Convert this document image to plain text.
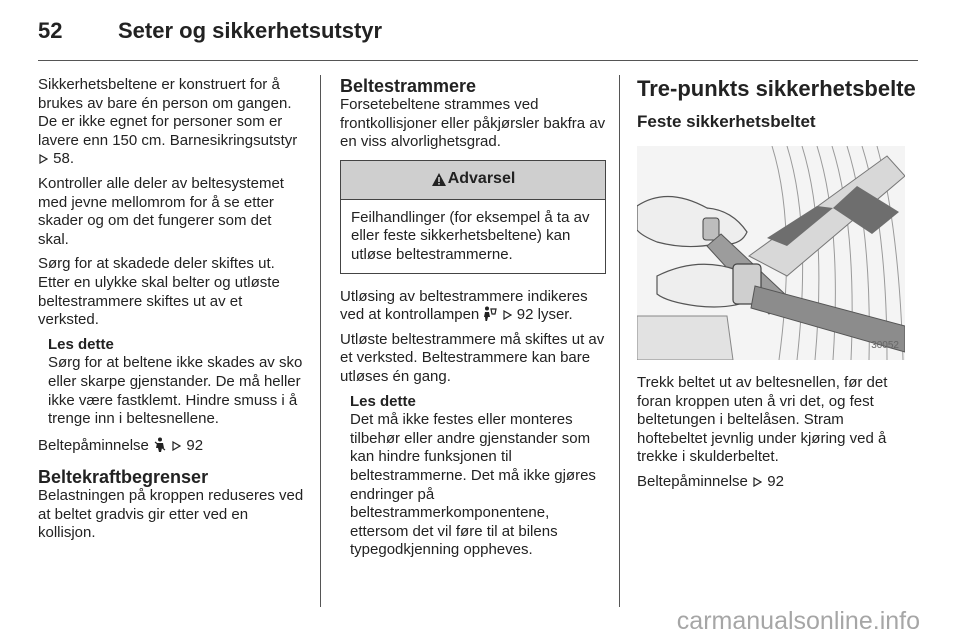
52	Seter og sikkerhetsutstyr

Sikkerhetsbeltene er konstruert for å brukes av bare én person om gangen. De er ikke egnet for personer som er lavere enn 150 cm. Barnesikringsutstyr  58.

Kontroller alle deler av beltesystemet med jevne mellomrom for å se etter skader og om det fungerer som det skal.

Sørg for at skadede deler skiftes ut. Etter en ulykke skal belter og utløste beltestrammere skiftes ut av et verksted.

Les dette
Sørg for at beltene ikke skades av sko eller skarpe gjenstander. De må heller ikke være fastklemt. Hindre smuss i å trenge inn i beltesnellene.

Beltepåminnelse	92

Beltekraftbegrenser

Belastningen på kroppen reduseres ved at beltet gradvis gir etter ved en kollisjon.

Beltestrammere

Forsetebeltene strammes ved frontkollisjoner eller påkjørsler bakfra av en viss alvorlighetsgrad.

Advarsel
Feilhandlinger (for eksempel å ta av eller feste sikkerhetsbeltene) kan utløse beltestrammerne.

Utløsing av beltestrammere indikeres ved at kontrollampen	92 lyser.

Utløste beltestrammere må skiftes ut av et verksted. Beltestrammere kan bare utløses én gang.

Les dette
Det må ikke festes eller monteres tilbehør eller andre gjenstander som kan hindre funksjonen til beltestrammerne. Det må ikke gjøres endringer på beltestrammerkomponentene, ettersom det vil føre til at bilens typegodkjenning oppheves.
Tre-punkts sikkerhetsbelte
Feste sikkerhetsbeltet
30052

Trekk beltet ut av beltesnellen, før det foran kroppen uten å vri det, og fest beltetungen i beltelåsen. Stram hoftebeltet jevnlig under kjøring ved å trekke i skulderbeltet.

Beltepåminnelse 92

carmanualsonline.info
